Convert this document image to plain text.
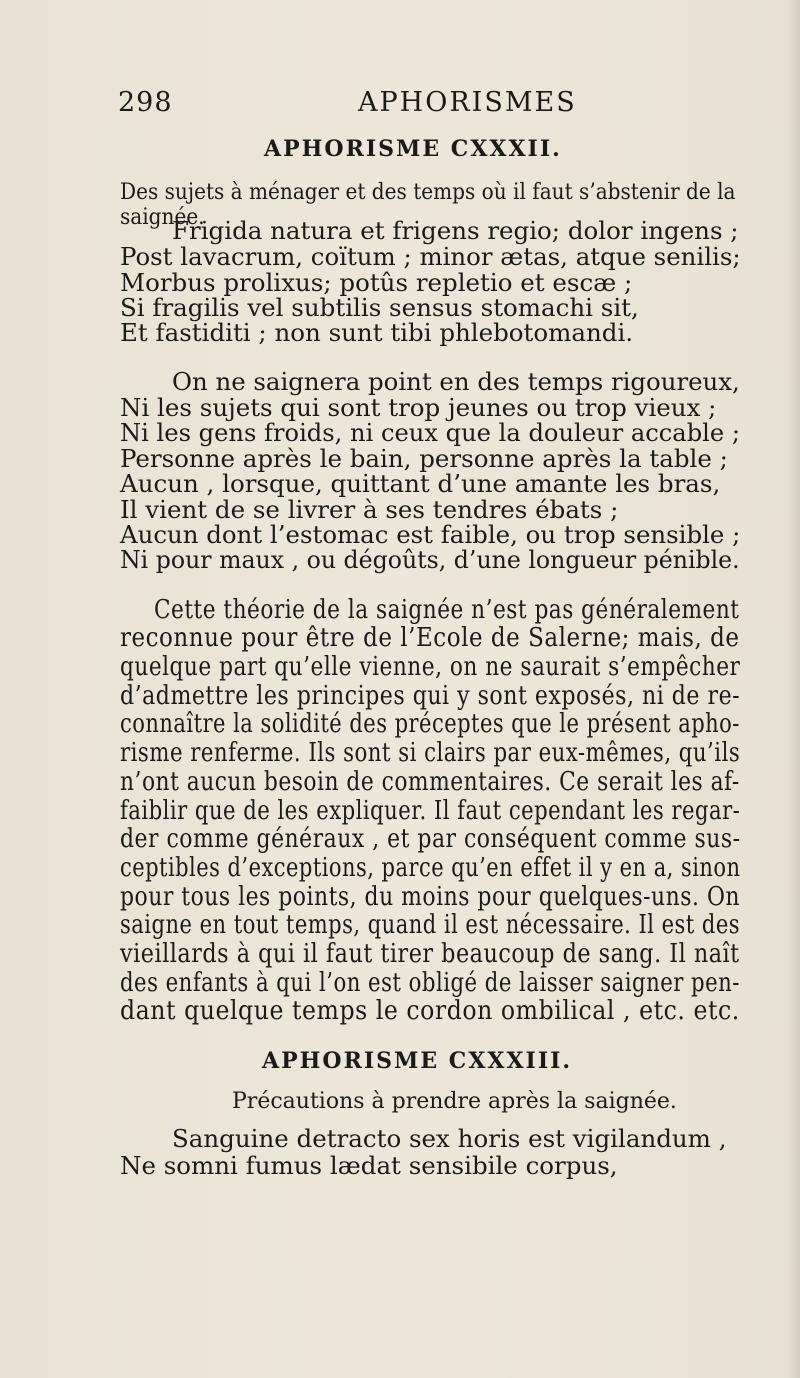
298	APHORISMES
APHORISME CXXXII.
Des sujets à ménager et des temps où il faut s’abstenir de la saignée.
Frigida natura et frigens regio; dolor ingens ;
Post lavacrum, coïtum ; minor ætas, atque senilis;
Morbus prolixus; potûs repletio et escæ ;
Si fragilis vel subtilis sensus stomachi sit,
Et fastiditi ; non sunt tibi phlebotomandi.
On ne saignera point en des temps rigoureux,
Ni les sujets qui sont trop jeunes ou trop vieux ;
Ni les gens froids, ni ceux que la douleur accable ;
Personne après le bain, personne après la table ;
Aucun , lorsque, quittant d’une amante les bras,
Il vient de se livrer à ses tendres ébats ;
Aucun dont l’estomac est faible, ou trop sensible ;
Ni pour maux , ou dégoûts, d’une longueur pénible.
Cette théorie de la saignée n’est pas généralement
reconnue pour être de l’Ecole de Salerne; mais, de
quelque part qu’elle vienne, on ne saurait s’empêcher
d’admettre les principes qui y sont exposés, ni de re-
connaître la solidité des préceptes que le présent apho-
risme renferme. Ils sont si clairs par eux-mêmes, qu’ils
n’ont aucun besoin de commentaires. Ce serait les af-
faiblir que de les expliquer. Il faut cependant les regar-
der comme généraux , et par conséquent comme sus-
ceptibles d’exceptions, parce qu’en effet il y en a, sinon
pour tous les points, du moins pour quelques-uns. On
saigne en tout temps, quand il est nécessaire. Il est des
vieillards à qui il faut tirer beaucoup de sang. Il naît
des enfants à qui l’on est obligé de laisser saigner pen-
dant quelque temps le cordon ombilical , etc. etc.
APHORISME CXXXIII.
Précautions à prendre après la saignée.
Sanguine detracto sex horis est vigilandum ,
Ne somni fumus lædat sensibile corpus,
